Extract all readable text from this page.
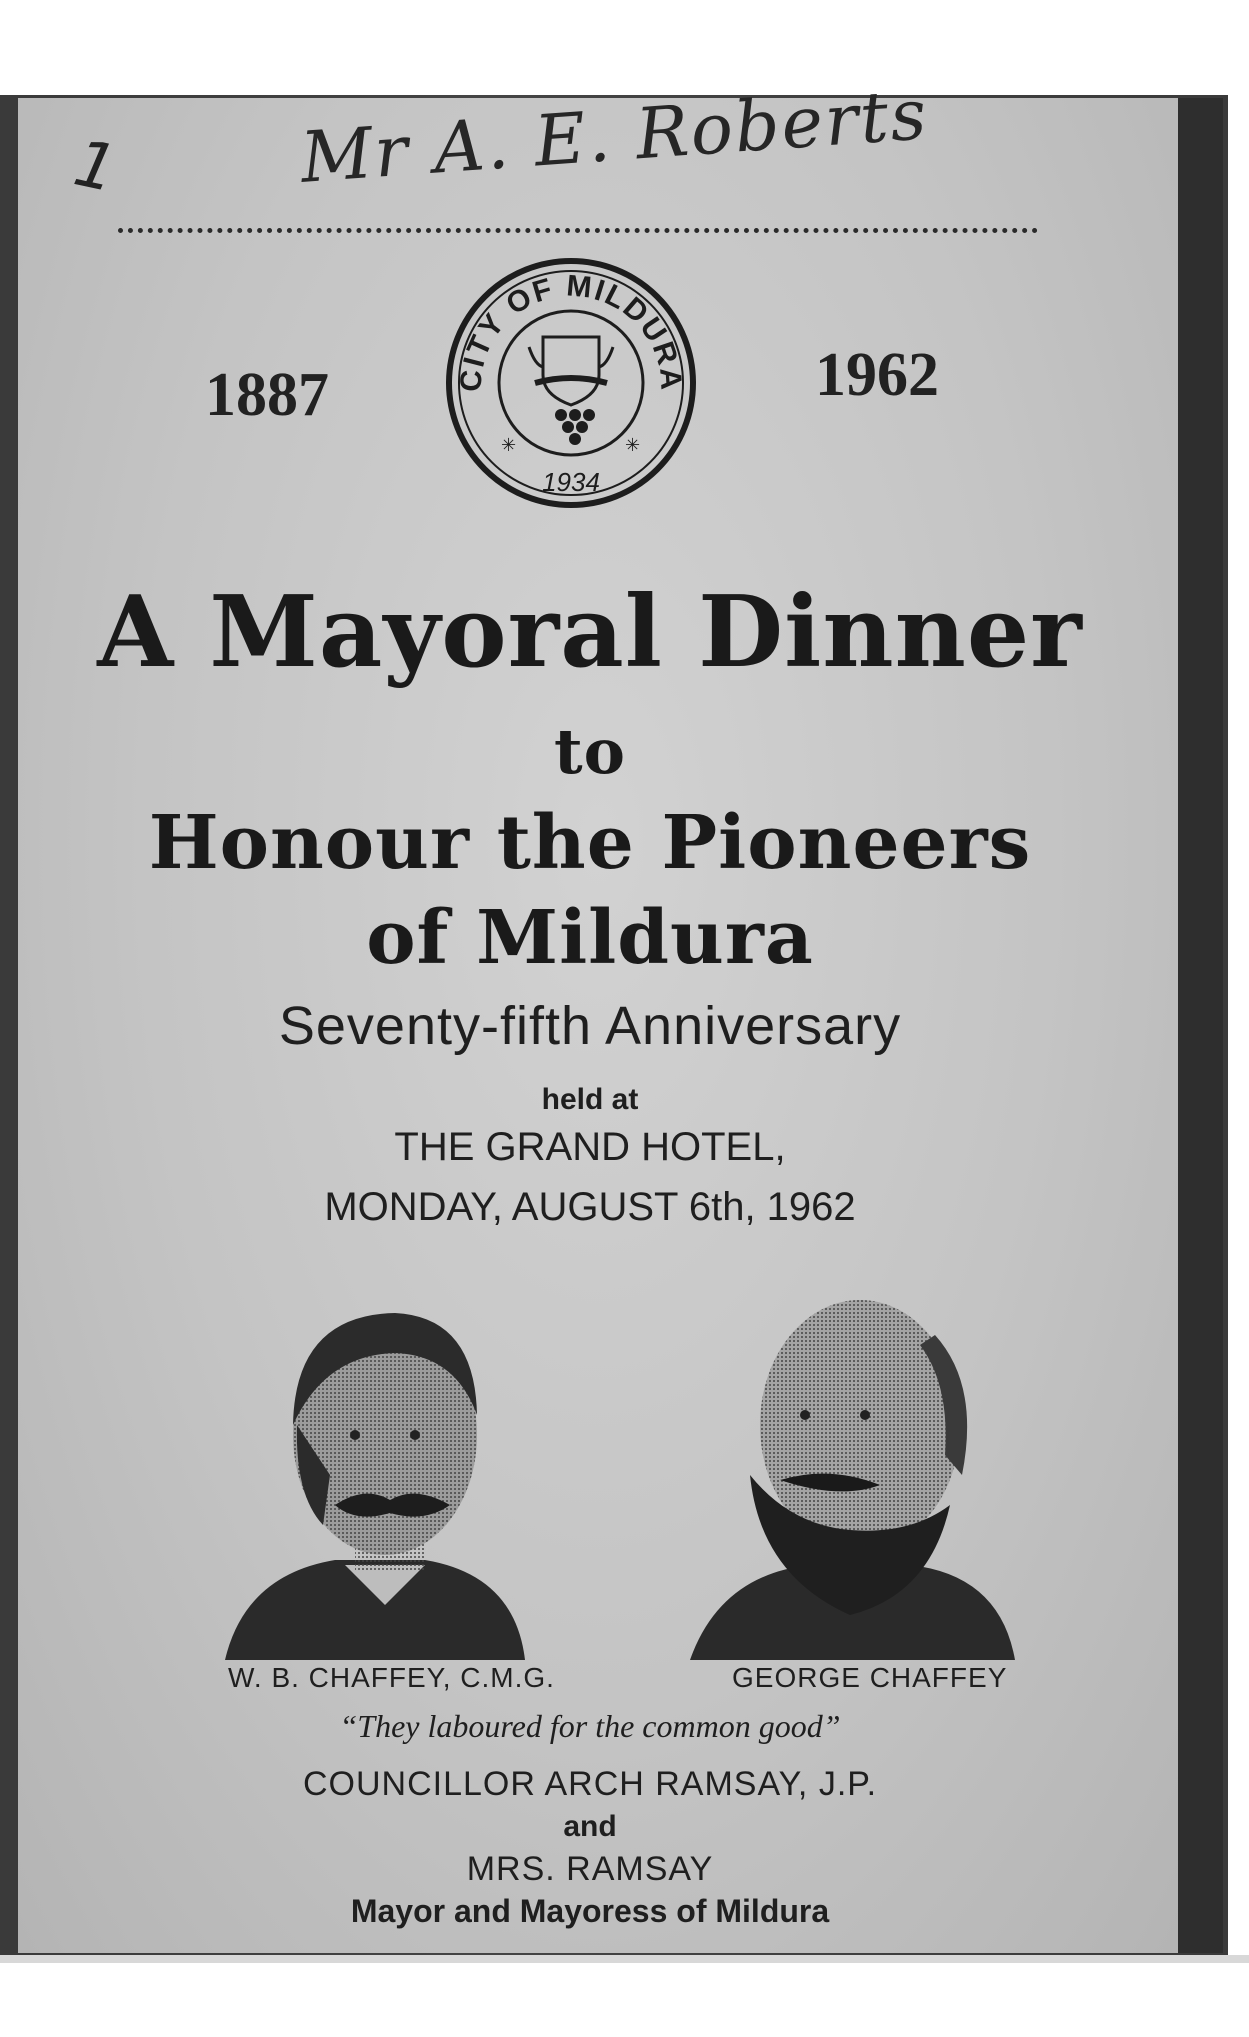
1 Mr A. E. Roberts
1887	1962
CITY OF MILDURA
✳	✳
1934
A Mayoral Dinner
to
Honour the Pioneers
of Mildura
Seventy-fifth Anniversary
held at
THE GRAND HOTEL,
MONDAY, AUGUST 6th, 1962
W. B. CHAFFEY, C.M.G.	GEORGE CHAFFEY
“They laboured for the common good”
COUNCILLOR ARCH RAMSAY, J.P.
and
MRS. RAMSAY
Mayor and Mayoress of Mildura
